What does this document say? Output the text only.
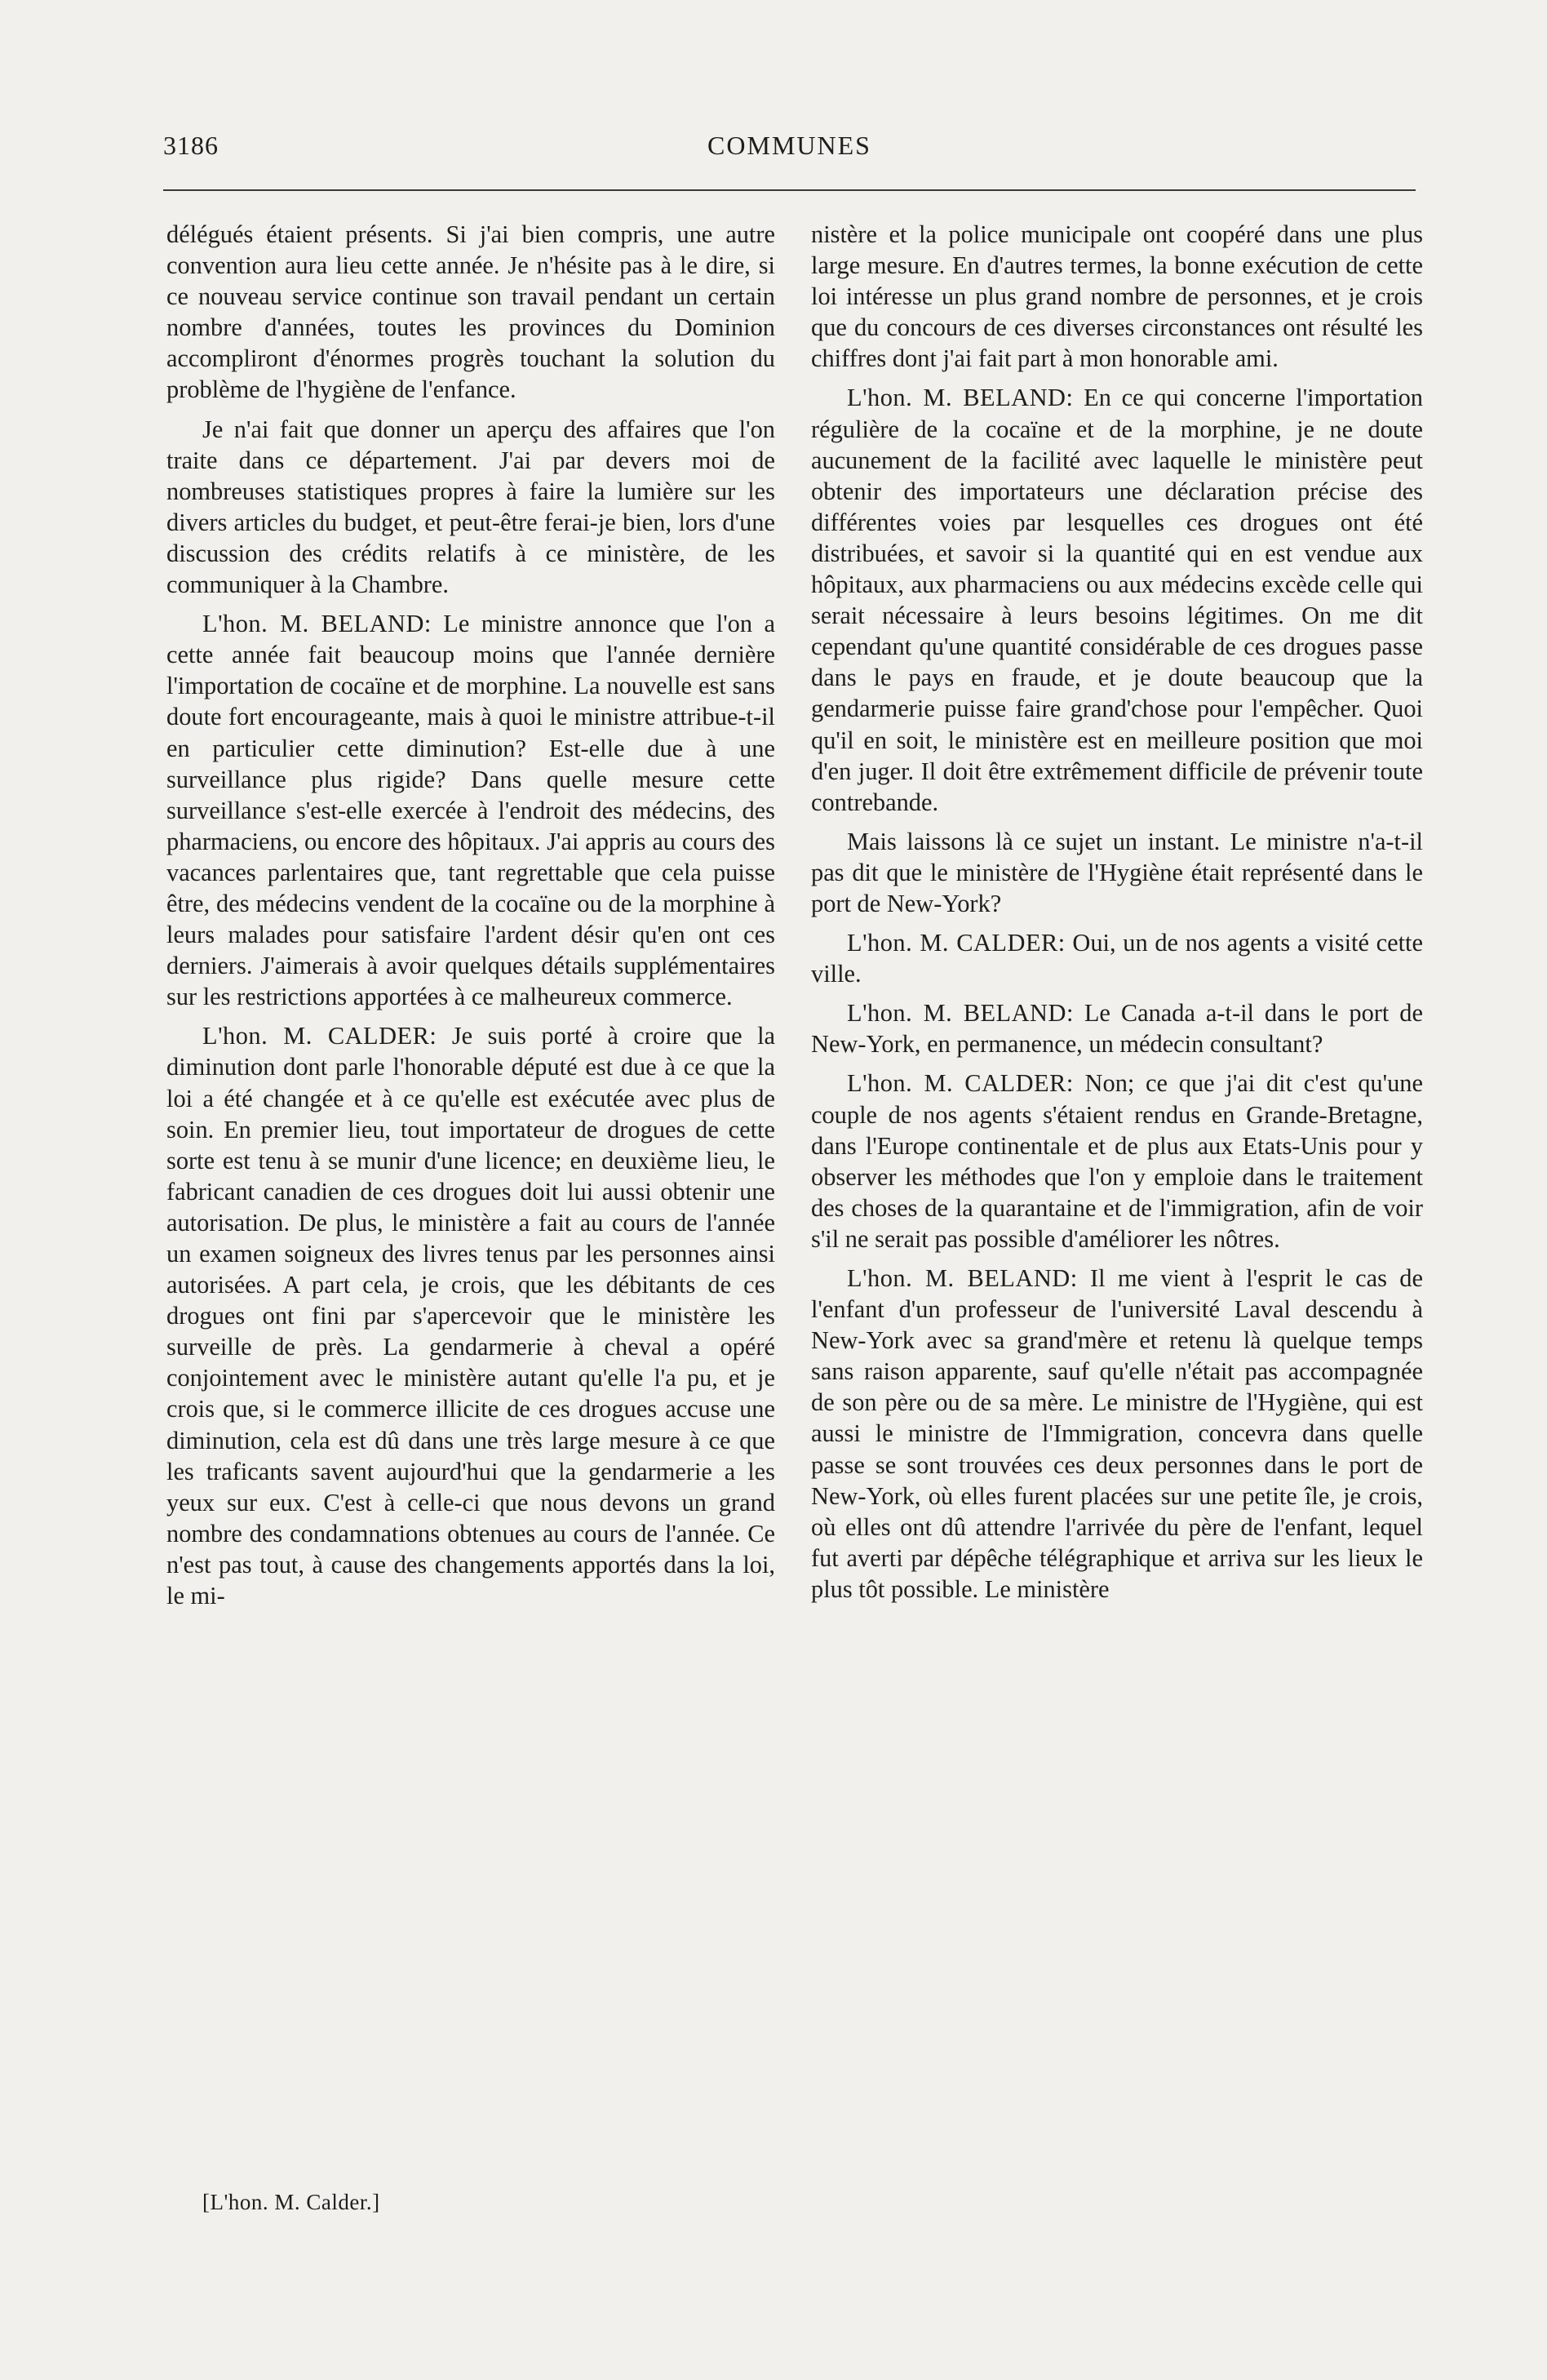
3186	COMMUNES

délégués étaient présents. Si j'ai bien compris, une autre convention aura lieu cette année. Je n'hésite pas à le dire, si ce nouveau service continue son travail pendant un certain nombre d'années, toutes les provinces du Dominion accompliront d'énormes progrès touchant la solution du problème de l'hygiène de l'enfance.

Je n'ai fait que donner un aperçu des affaires que l'on traite dans ce département. J'ai par devers moi de nombreuses statistiques propres à faire la lumière sur les divers articles du budget, et peut-être ferai-je bien, lors d'une discussion des crédits relatifs à ce ministère, de les communiquer à la Chambre.

L'hon. M. BELAND: Le ministre annonce que l'on a cette année fait beaucoup moins que l'année dernière l'importation de cocaïne et de morphine. La nouvelle est sans doute fort encourageante, mais à quoi le ministre attribue-t-il en particulier cette diminution? Est-elle due à une surveillance plus rigide? Dans quelle mesure cette surveillance s'est-elle exercée à l'endroit des médecins, des pharmaciens, ou encore des hôpitaux. J'ai appris au cours des vacances parlentaires que, tant regrettable que cela puisse être, des médecins vendent de la cocaïne ou de la morphine à leurs malades pour satisfaire l'ardent désir qu'en ont ces derniers. J'aimerais à avoir quelques détails supplémentaires sur les restrictions apportées à ce malheureux commerce.

L'hon. M. CALDER: Je suis porté à croire que la diminution dont parle l'honorable député est due à ce que la loi a été changée et à ce qu'elle est exécutée avec plus de soin. En premier lieu, tout importateur de drogues de cette sorte est tenu à se munir d'une licence; en deuxième lieu, le fabricant canadien de ces drogues doit lui aussi obtenir une autorisation. De plus, le ministère a fait au cours de l'année un examen soigneux des livres tenus par les personnes ainsi autorisées. A part cela, je crois, que les débitants de ces drogues ont fini par s'apercevoir que le ministère les surveille de près. La gendarmerie à cheval a opéré conjointement avec le ministère autant qu'elle l'a pu, et je crois que, si le commerce illicite de ces drogues accuse une diminution, cela est dû dans une très large mesure à ce que les traficants savent aujourd'hui que la gendarmerie a les yeux sur eux. C'est à celle-ci que nous devons un grand nombre des condamnations obtenues au cours de l'année. Ce n'est pas tout, à cause des changements apportés dans la loi, le mi-

nistère et la police municipale ont coopéré dans une plus large mesure. En d'autres termes, la bonne exécution de cette loi intéresse un plus grand nombre de personnes, et je crois que du concours de ces diverses circonstances ont résulté les chiffres dont j'ai fait part à mon honorable ami.

L'hon. M. BELAND: En ce qui concerne l'importation régulière de la cocaïne et de la morphine, je ne doute aucunement de la facilité avec laquelle le ministère peut obtenir des importateurs une déclaration précise des différentes voies par lesquelles ces drogues ont été distribuées, et savoir si la quantité qui en est vendue aux hôpitaux, aux pharmaciens ou aux médecins excède celle qui serait nécessaire à leurs besoins légitimes. On me dit cependant qu'une quantité considérable de ces drogues passe dans le pays en fraude, et je doute beaucoup que la gendarmerie puisse faire grand'chose pour l'empêcher. Quoi qu'il en soit, le ministère est en meilleure position que moi d'en juger. Il doit être extrêmement difficile de prévenir toute contrebande.

Mais laissons là ce sujet un instant. Le ministre n'a-t-il pas dit que le ministère de l'Hygiène était représenté dans le port de New-York?

L'hon. M. CALDER: Oui, un de nos agents a visité cette ville.

L'hon. M. BELAND: Le Canada a-t-il dans le port de New-York, en permanence, un médecin consultant?

L'hon. M. CALDER: Non; ce que j'ai dit c'est qu'une couple de nos agents s'étaient rendus en Grande-Bretagne, dans l'Europe continentale et de plus aux Etats-Unis pour y observer les méthodes que l'on y emploie dans le traitement des choses de la quarantaine et de l'immigration, afin de voir s'il ne serait pas possible d'améliorer les nôtres.

L'hon. M. BELAND: Il me vient à l'esprit le cas de l'enfant d'un professeur de l'université Laval descendu à New-York avec sa grand'mère et retenu là quelque temps sans raison apparente, sauf qu'elle n'était pas accompagnée de son père ou de sa mère. Le ministre de l'Hygiène, qui est aussi le ministre de l'Immigration, concevra dans quelle passe se sont trouvées ces deux personnes dans le port de New-York, où elles furent placées sur une petite île, je crois, où elles ont dû attendre l'arrivée du père de l'enfant, lequel fut averti par dépêche télégraphique et arriva sur les lieux le plus tôt possible. Le ministère

[L'hon. M. Calder.]
